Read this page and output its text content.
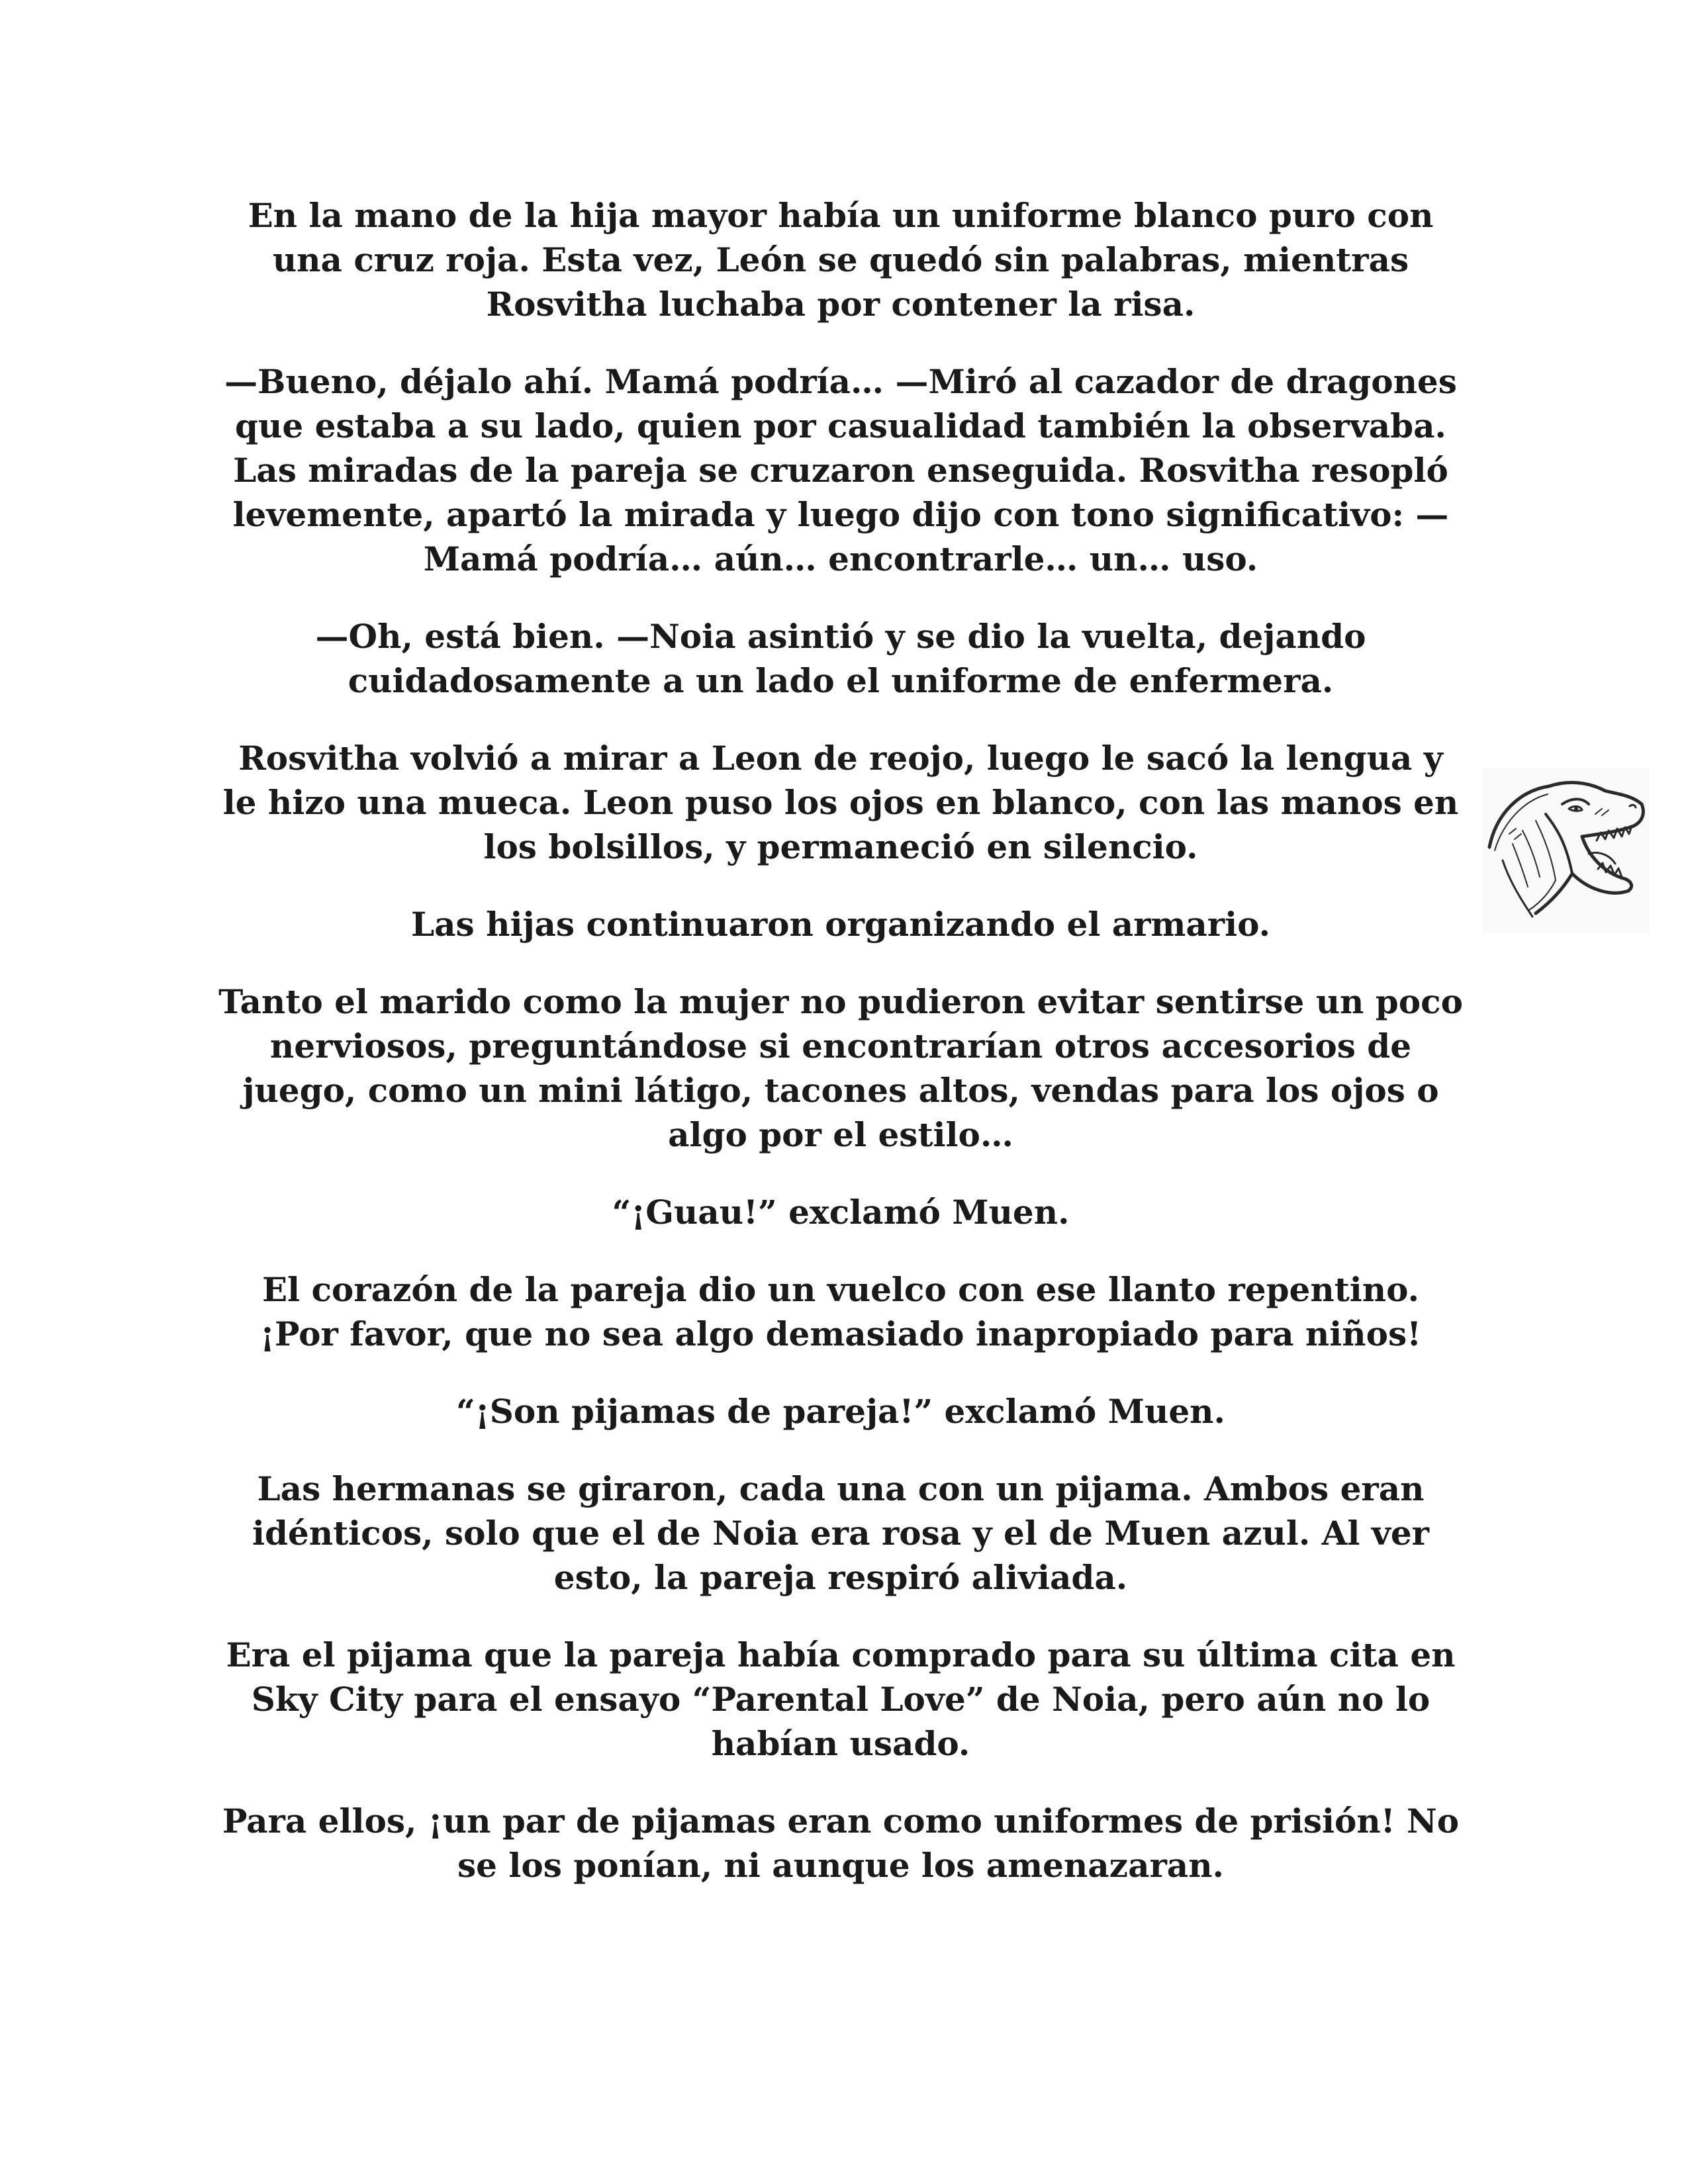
En la mano de la hija mayor había un uniforme blanco puro con una cruz roja. Esta vez, León se quedó sin palabras, mientras Rosvitha luchaba por contener la risa.

—Bueno, déjalo ahí. Mamá podría… —Miró al cazador de dragones que estaba a su lado, quien por casualidad también la observaba. Las miradas de la pareja se cruzaron enseguida. Rosvitha resopló levemente, apartó la mirada y luego dijo con tono significativo: —Mamá podría… aún… encontrarle… un… uso.

—Oh, está bien. —Noia asintió y se dio la vuelta, dejando cuidadosamente a un lado el uniforme de enfermera.

Rosvitha volvió a mirar a Leon de reojo, luego le sacó la lengua y le hizo una mueca. Leon puso los ojos en blanco, con las manos en los bolsillos, y permaneció en silencio.

Las hijas continuaron organizando el armario.

Tanto el marido como la mujer no pudieron evitar sentirse un poco nerviosos, preguntándose si encontrarían otros accesorios de juego, como un mini látigo, tacones altos, vendas para los ojos o algo por el estilo…

“¡Guau!” exclamó Muen.

El corazón de la pareja dio un vuelco con ese llanto repentino. ¡Por favor, que no sea algo demasiado inapropiado para niños!

“¡Son pijamas de pareja!” exclamó Muen.

Las hermanas se giraron, cada una con un pijama. Ambos eran idénticos, solo que el de Noia era rosa y el de Muen azul. Al ver esto, la pareja respiró aliviada.

Era el pijama que la pareja había comprado para su última cita en Sky City para el ensayo “Parental Love” de Noia, pero aún no lo habían usado.

Para ellos, ¡un par de pijamas eran como uniformes de prisión! No se los ponían, ni aunque los amenazaran.
